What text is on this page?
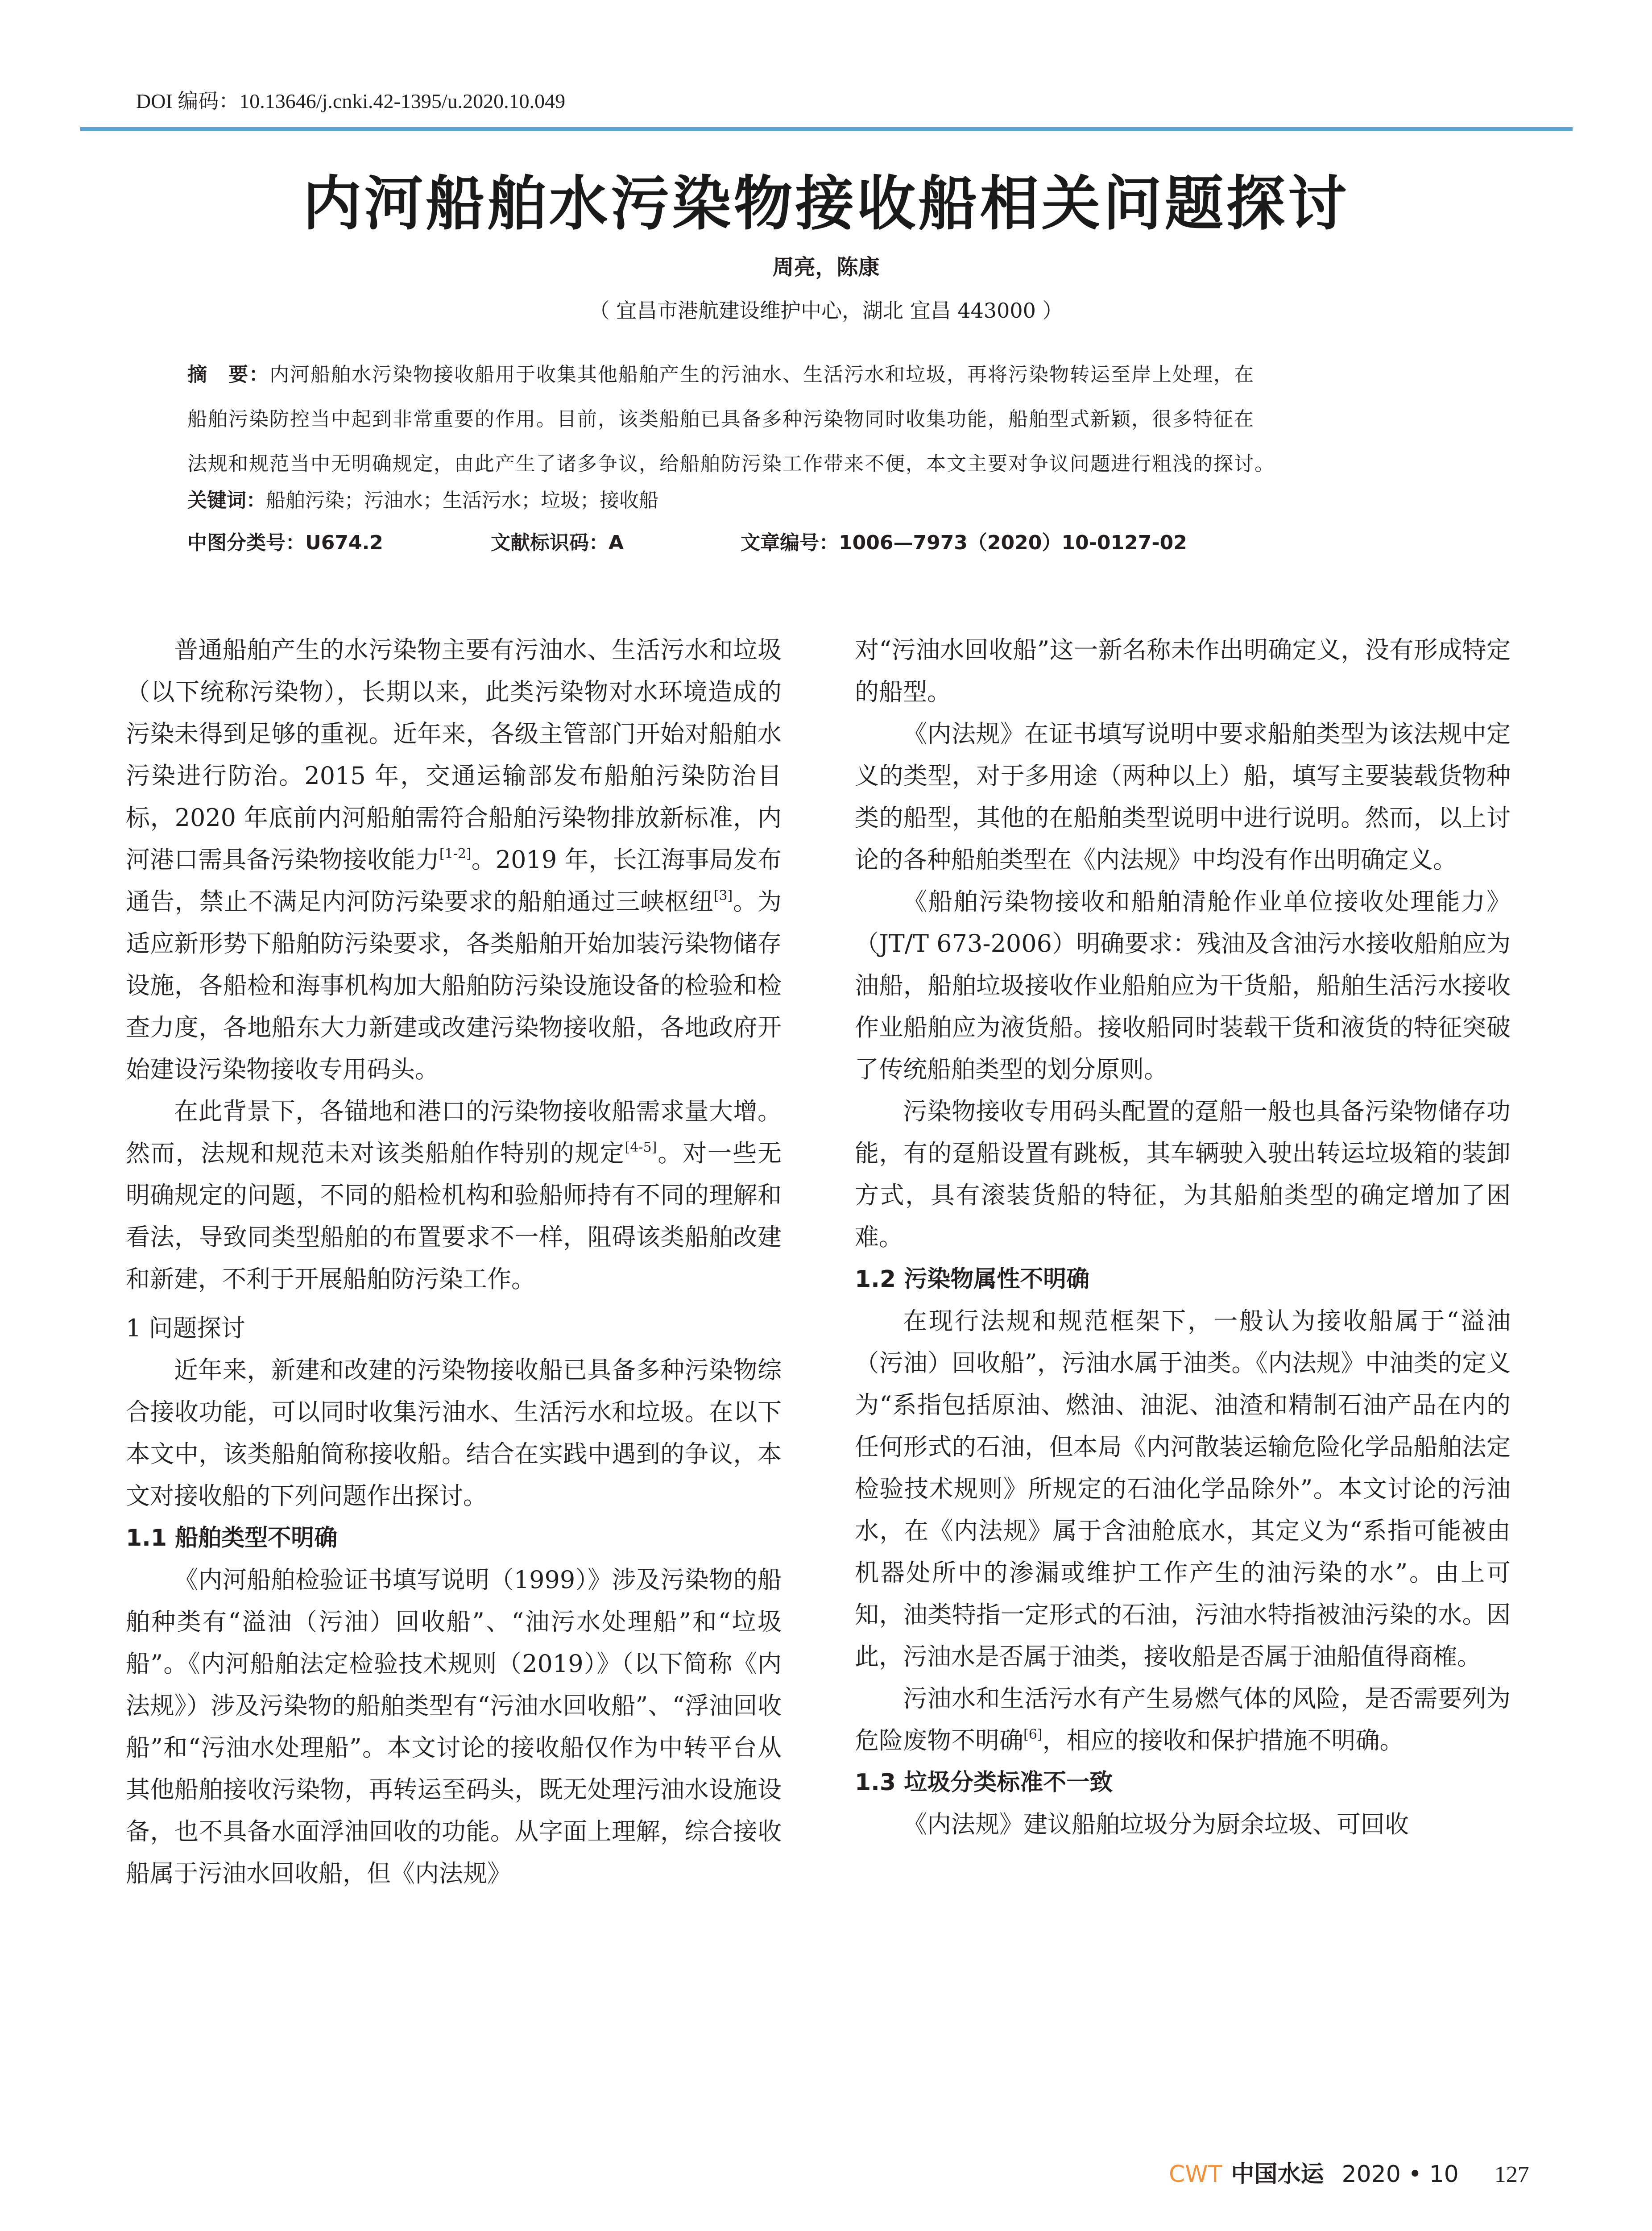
DOI 编码：10.13646/j.cnki.42-1395/u.2020.10.049
内河船舶水污染物接收船相关问题探讨
周亮，陈康
（ 宜昌市港航建设维护中心，湖北 宜昌 443000 ）

摘　要：内河船舶水污染物接收船用于收集其他船舶产生的污油水、生活污水和垃圾，再将污染物转运至岸上处理，在

船舶污染防控当中起到非常重要的作用。目前，该类船舶已具备多种污染物同时收集功能，船舶型式新颖，很多特征在

法规和规范当中无明确规定，由此产生了诸多争议，给船舶防污染工作带来不便，本文主要对争议问题进行粗浅的探讨。

关键词：船舶污染；污油水；生活污水；垃圾；接收船
中图分类号：U674.2	文献标识码：A	文章编号：1006—7973（2020）10-0127-02

普通船舶产生的水污染物主要有污油水、生活污水和垃圾（以下统称污染物），长期以来，此类污染物对水环境造成的污染未得到足够的重视。近年来，各级主管部门开始对船舶水污染进行防治。2015 年，交通运输部发布船舶污染防治目标，2020 年底前内河船舶需符合船舶污染物排放新标准，内河港口需具备污染物接收能力[1-2]。2019 年，长江海事局发布通告，禁止不满足内河防污染要求的船舶通过三峡枢纽[3]。为适应新形势下船舶防污染要求，各类船舶开始加装污染物储存设施，各船检和海事机构加大船舶防污染设施设备的检验和检查力度，各地船东大力新建或改建污染物接收船，各地政府开始建设污染物接收专用码头。

在此背景下，各锚地和港口的污染物接收船需求量大增。然而，法规和规范未对该类船舶作特别的规定[4-5]。对一些无明确规定的问题，不同的船检机构和验船师持有不同的理解和看法，导致同类型船舶的布置要求不一样，阻碍该类船舶改建和新建，不利于开展船舶防污染工作。

1 问题探讨

近年来，新建和改建的污染物接收船已具备多种污染物综合接收功能，可以同时收集污油水、生活污水和垃圾。在以下本文中，该类船舶简称接收船。结合在实践中遇到的争议，本文对接收船的下列问题作出探讨。

1.1 船舶类型不明确

《内河船舶检验证书填写说明（1999）》涉及污染物的船舶种类有“溢油（污油）回收船”、“油污水处理船”和“垃圾船”。《内河船舶法定检验技术规则（2019）》（以下简称《内法规》）涉及污染物的船舶类型有“污油水回收船”、“浮油回收船”和“污油水处理船”。本文讨论的接收船仅作为中转平台从其他船舶接收污染物，再转运至码头，既无处理污油水设施设备，也不具备水面浮油回收的功能。从字面上理解，综合接收船属于污油水回收船，但《内法规》

对“污油水回收船”这一新名称未作出明确定义，没有形成特定的船型。

《内法规》在证书填写说明中要求船舶类型为该法规中定义的类型，对于多用途（两种以上）船，填写主要装载货物种类的船型，其他的在船舶类型说明中进行说明。然而，以上讨论的各种船舶类型在《内法规》中均没有作出明确定义。

《船舶污染物接收和船舶清舱作业单位接收处理能力》（JT/T 673-2006）明确要求：残油及含油污水接收船舶应为油船，船舶垃圾接收作业船舶应为干货船，船舶生活污水接收作业船舶应为液货船。接收船同时装载干货和液货的特征突破了传统船舶类型的划分原则。

污染物接收专用码头配置的趸船一般也具备污染物储存功能，有的趸船设置有跳板，其车辆驶入驶出转运垃圾箱的装卸方式，具有滚装货船的特征，为其船舶类型的确定增加了困难。

1.2 污染物属性不明确

在现行法规和规范框架下，一般认为接收船属于“溢油（污油）回收船”，污油水属于油类。《内法规》中油类的定义为“系指包括原油、燃油、油泥、油渣和精制石油产品在内的任何形式的石油，但本局《内河散装运输危险化学品船舶法定检验技术规则》所规定的石油化学品除外”。本文讨论的污油水，在《内法规》属于含油舱底水，其定义为“系指可能被由机器处所中的渗漏或维护工作产生的油污染的水”。由上可知，油类特指一定形式的石油，污油水特指被油污染的水。因此，污油水是否属于油类，接收船是否属于油船值得商榷。

污油水和生活污水有产生易燃气体的风险，是否需要列为危险废物不明确[6]，相应的接收和保护措施不明确。

1.3 垃圾分类标准不一致

《内法规》建议船舶垃圾分为厨余垃圾、可回收

CWT 中国水运 2020 • 10 127
